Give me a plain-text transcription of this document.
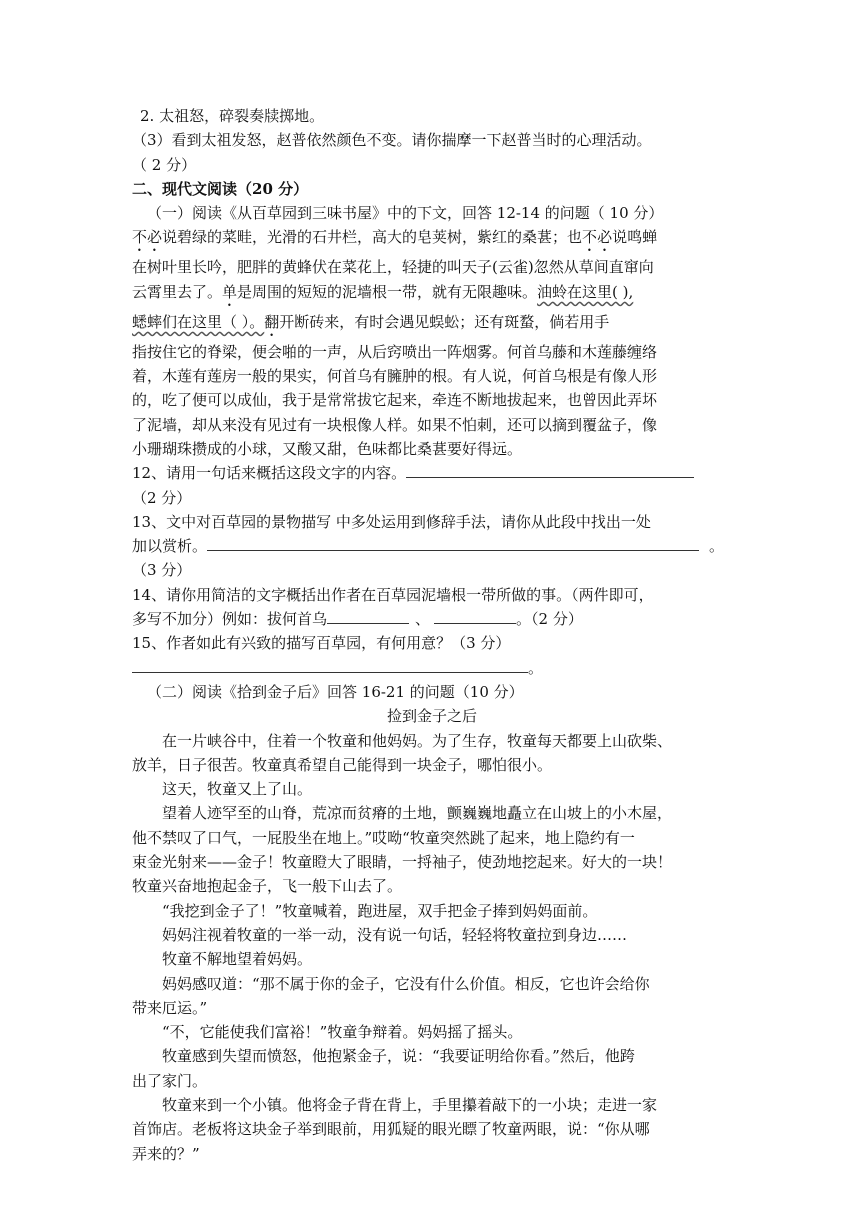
2. 太祖怒，碎裂奏牍掷地。

（3）看到太祖发怒，赵普依然颜色不变。请你揣摩一下赵普当时的心理活动。

（ 2 分）

二、现代文阅读（20 分）

（一）阅读《从百草园到三味书屋》中的下文，回答 12-14 的问题（ 10 分）

不必说碧绿的菜畦，光滑的石井栏，高大的皂荚树，紫红的桑葚；也不必说鸣蝉

在树叶里长吟，肥胖的黄蜂伏在菜花上，轻捷的叫天子(云雀)忽然从草间直窜向

云霄里去了。单是周围的短短的泥墙根一带，就有无限趣味。油蛉在这里( ),

蟋蟀们在这里（ ）。翻开断砖来，有时会遇见蜈蚣；还有斑蝥，倘若用手

指按住它的脊梁，便会啪的一声，从后窍喷出一阵烟雾。何首乌藤和木莲藤缠络

着，木莲有莲房一般的果实，何首乌有臃肿的根。有人说，何首乌根是有像人形

的，吃了便可以成仙，我于是常常拔它起来，牵连不断地拔起来，也曾因此弄坏

了泥墙，却从来没有见过有一块根像人样。如果不怕刺，还可以摘到覆盆子，像

小珊瑚珠攒成的小球，又酸又甜，色味都比桑葚要好得远。

12、请用一句话来概括这段文字的内容。

（2 分）

13、文中对百草园的景物描写 中多处运用到修辞手法，请你从此段中找出一处

加以赏析。	。

（3 分）

14、请你用简洁的文字概括出作者在百草园泥墙根一带所做的事。（两件即可，

多写不加分）例如：拔何首乌	、	。（2 分）

15、作者如此有兴致的描写百草园，有何用意？（3 分）

。

（二）阅读《拾到金子后》回答 16-21 的问题（10 分）

捡到金子之后

在一片峡谷中，住着一个牧童和他妈妈。为了生存，牧童每天都要上山砍柴、

放羊，日子很苦。牧童真希望自己能得到一块金子，哪怕很小。

这天，牧童又上了山。

望着人迹罕至的山脊，荒凉而贫瘠的土地，颤巍巍地矗立在山坡上的小木屋，

他不禁叹了口气，一屁股坐在地上。”哎呦“牧童突然跳了起来，地上隐约有一

束金光射来——金子！牧童瞪大了眼睛，一捋袖子，使劲地挖起来。好大的一块！

牧童兴奋地抱起金子，飞一般下山去了。

“我挖到金子了！”牧童喊着，跑进屋，双手把金子捧到妈妈面前。

妈妈注视着牧童的一举一动，没有说一句话，轻轻将牧童拉到身边……

牧童不解地望着妈妈。

妈妈感叹道：“那不属于你的金子，它没有什么价值。相反，它也许会给你

带来厄运。”

“不，它能使我们富裕！”牧童争辩着。妈妈摇了摇头。

牧童感到失望而愤怒，他抱紧金子，说：“我要证明给你看。”然后，他跨

出了家门。

牧童来到一个小镇。他将金子背在背上，手里攥着敲下的一小块；走进一家

首饰店。老板将这块金子举到眼前，用狐疑的眼光瞟了牧童两眼，说：“你从哪

弄来的？”
